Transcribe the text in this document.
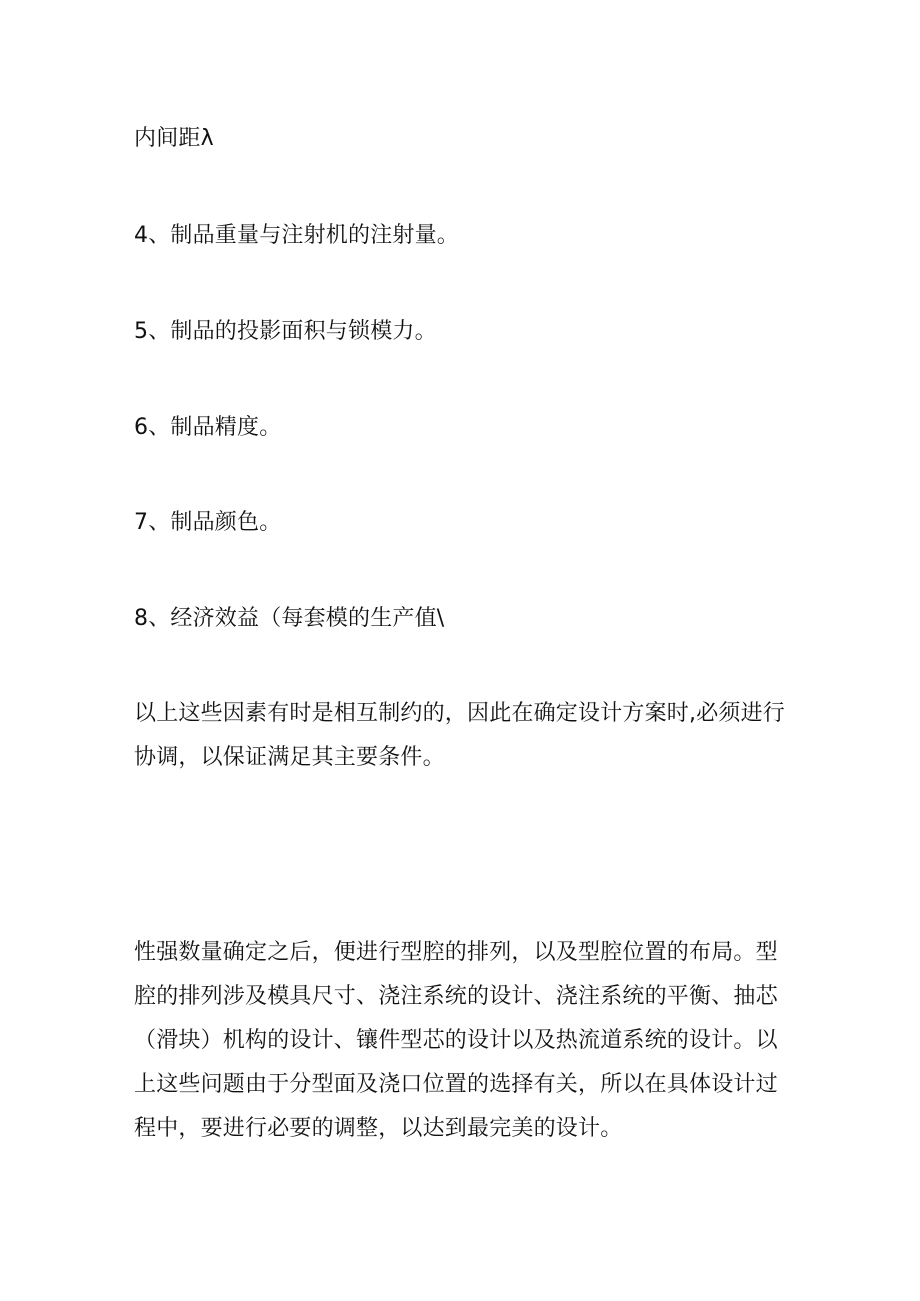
内间距λ
4、制品重量与注射机的注射量。
5、制品的投影面积与锁模力。
6、制品精度。
7、制品颜色。
8、经济效益（每套模的生产值\
以上这些因素有时是相互制约的，因此在确定设计方案时,必须进行协调，以保证满足其主要条件。
性强数量确定之后，便进行型腔的排列，以及型腔位置的布局。型腔的排列涉及模具尺寸、浇注系统的设计、浇注系统的平衡、抽芯（滑块）机构的设计、镶件型芯的设计以及热流道系统的设计。以上这些问题由于分型面及浇口位置的选择有关，所以在具体设计过程中，要进行必要的调整，以达到最完美的设计。
